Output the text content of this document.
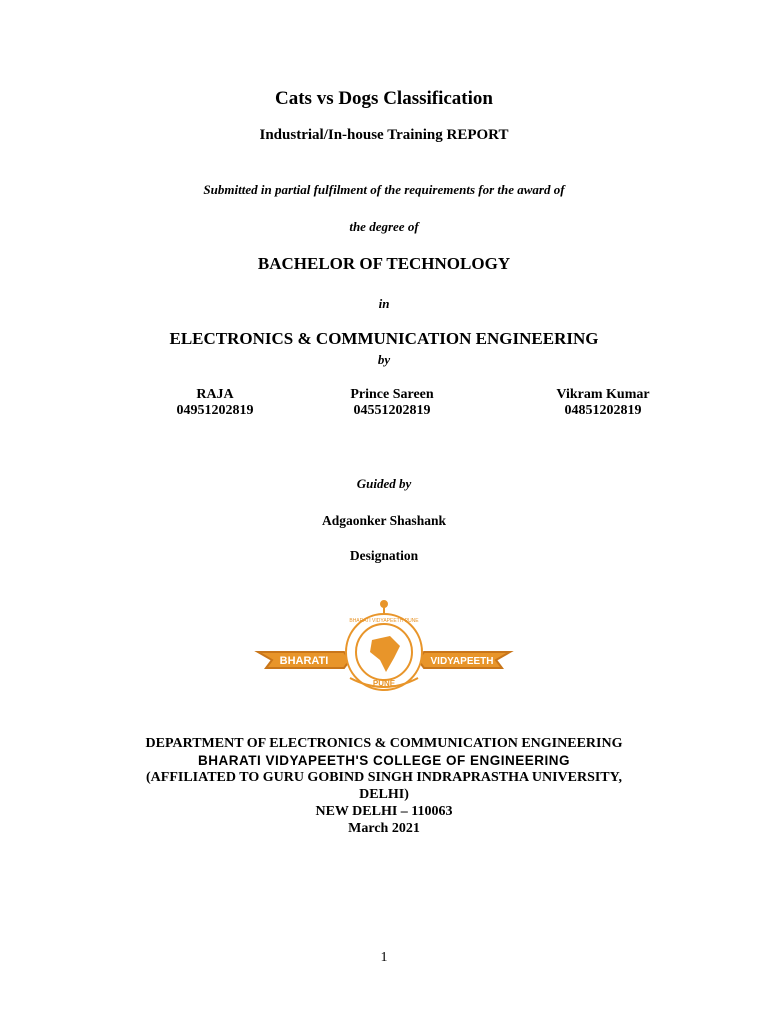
Cats vs Dogs Classification
Industrial/In-house Training REPORT
Submitted in partial fulfilment of the requirements for the award of
the degree of
BACHELOR OF TECHNOLOGY
in
ELECTRONICS & COMMUNICATION ENGINEERING
by
RAJA
04951202819
Prince Sareen
04551202819
Vikram Kumar
04851202819
Guided by
Adgaonker Shashank
Designation
BHARATI	VIDYAPEETH
PUNE
BHARATI VIDYAPEETH PUNE
DEPARTMENT OF ELECTRONICS & COMMUNICATION ENGINEERING
BHARATI VIDYAPEETH'S COLLEGE OF ENGINEERING
(AFFILIATED TO GURU GOBIND SINGH INDRAPRASTHA UNIVERSITY,
DELHI)
NEW DELHI – 110063
March 2021
1
